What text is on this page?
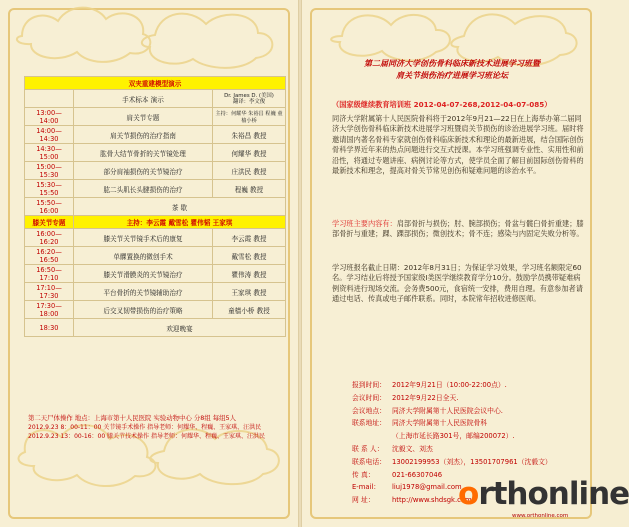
双夹重建模型演示		
	手术标本 演示	Dr. James D. (美国)
翻译：李文俊
13:00—14:00	肩关节专题	主持：何耀华 朱裕昌 程巍 童樯小桥
14:00—14:30	肩关节损伤的治疗指南	朱裕昌 教授
14:30—15:00	肱骨大结节骨折的关节镜处理	何耀华 教授
15:00—15:30	部分肩袖损伤的关节镜治疗	庄洪民 教授
15:30—15:50	肱二头肌长头腱损伤的治疗	程巍 教授
15:50—16:00	茶 歇	
膝关节专题	主持：李云霞 戴雪松 瞿伟韬 王家琪	
16:00—16:20	膝关节关节镜手术后的康复	李云霞 教授
16:20—16:50	单髁置换的微创手术	戴雪松 教授
16:50—17:10	膝关节滑膜炎的关节镜治疗	瞿伟涛 教授
17:10—17:30	平台骨折的关节镜辅助治疗	王家琪 教授
17:30—18:00	后交叉韧带损伤的治疗策略	童樯小桥 教授
18:30	欢迎晚宴	
第二天尸体操作 地点：上海市第十人民医院 实验动物中心 分8组 每组5人
2012.9.23 8：00-11：00 关节镜手术操作 指导老师：何耀华、程巍、王家琪、汪洪民
2012.9.23 13：00-16：00 膝关节技术操作 指导老师：何耀华、程巍、王家琪、汪洪民
第二届同济大学创伤骨科临床新技术进展学习班暨
肩关节损伤治疗进展学习班论坛
（国家级继续教育培训班 2012-04-07-268,2012-04-07-085）
同济大学附属第十人民医院骨科将于2012年9月21—22日在上海举办第二届同济大学创伤骨科临床新技术进展学习班暨肩关节损伤的诊治进展学习班。届时将邀请国内著名骨科专家就创伤骨科临床新技术和理论的最新进展，结合国际创伤骨科学界近年来的热点问题进行交互式授课。本学习班强调专业性、实用性和前沿性，将通过专题讲座、病例讨论等方式，使学员全面了解目前国际创伤骨科的最新技术和理念，提高对骨关节常见创伤和疑难问题的诊治水平。
学习班主要内容有：肩部骨折与损伤；肘、腕部损伤；骨盆与髋臼骨折重建；膝部骨折与重建；踝、踝部损伤；微创技术；骨不连；感染与内固定失败分析等。
学习班报名截止日期：2012年8月31日；为保证学习效果，学习班名额限定60名。学习结业后将授予国家级I类医学继续教育学分10分。鼓励学员携带疑难病例资料进行现场交流。会务费500元，食宿统一安排，费用自理。有意参加者请通过电话、传真或电子邮件联系。同时，本院常年招收进修医师。
报到时间： 2012年9月21日（10:00-22:00点）.
会议时间： 2012年9月22日全天.
会议地点： 同济大学附属第十人民医院会议中心.
联系地址： 同济大学附属第十人民医院骨科
（上海市延长路301号，邮编200072）.
联 系 人：	沈毅文、刘杰
联系电话： 13002199953（刘杰），13501707961（沈毅文）
传 真：	021-66307046
E-mail：	liuj1978@gmail.com
网 址：	http://www.shdsgk.com
orthonline
www.orthonline.com
